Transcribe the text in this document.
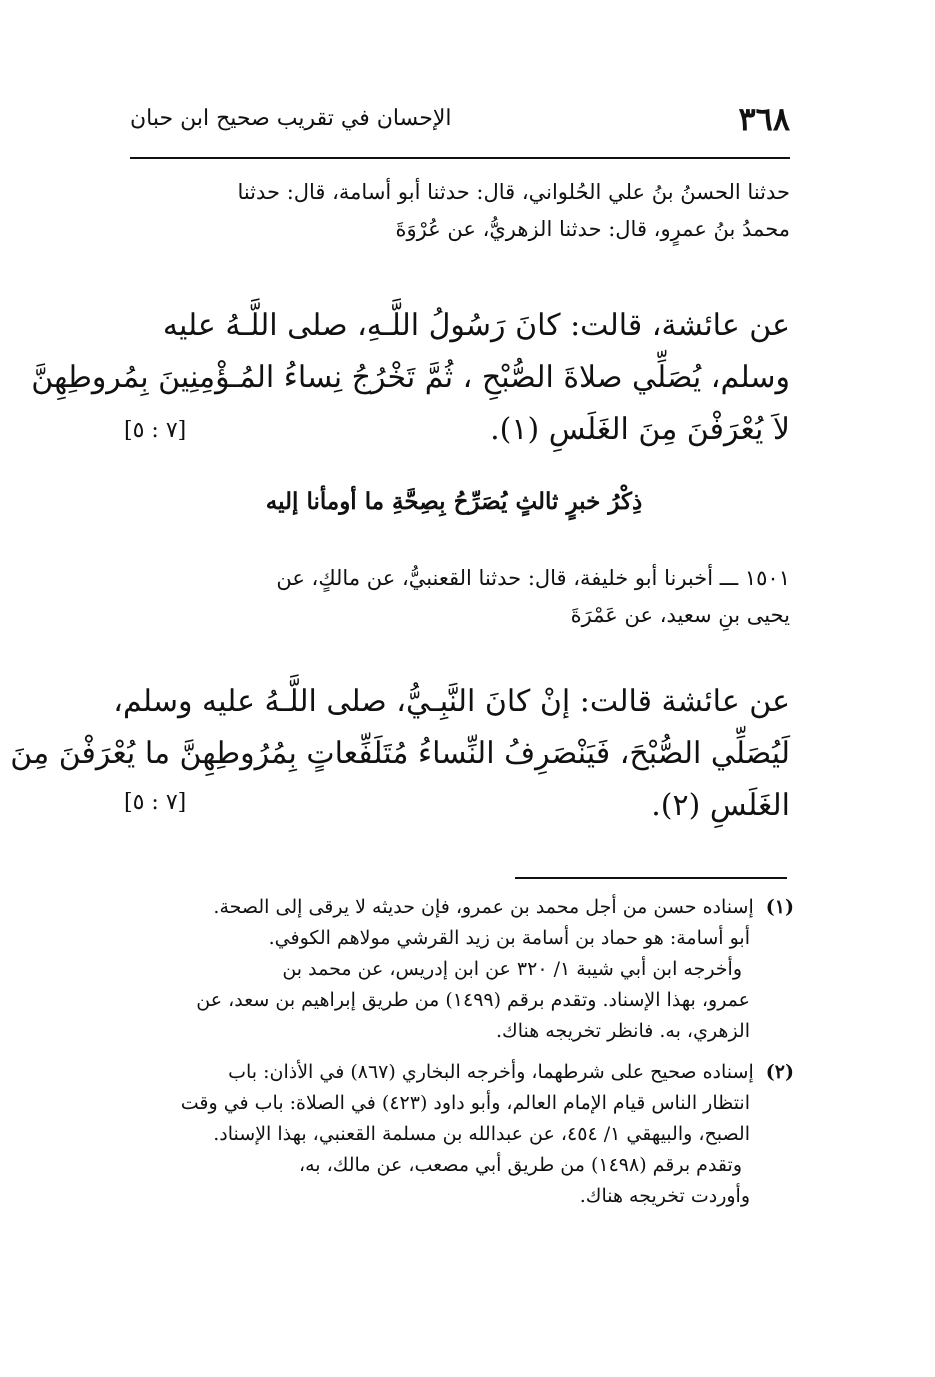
٣٦٨
الإحسان في تقريب صحيح ابن حبان
حدثنا الحسنُ بنُ علي الحُلواني، قال: حدثنا أبو أسامة، قال: حدثنا
محمدُ بنُ عمرٍو، قال: حدثنا الزهريُّ، عن عُرْوَةَ
عن عائشة، قالت: كانَ رَسُولُ اللَّـهِ، صلى اللَّـهُ عليه
وسلم، يُصَلِّي صلاةَ الصُّبْحِ ، ثُمَّ تَخْرُجُ نِساءُ المُـؤْمِنِينَ بِمُروطِهِنَّ
لاَ يُعْرَفْنَ مِنَ الغَلَسِ (١).
[٧ : ٥]
ذِكْرُ خبرٍ ثالثٍ يُصَرِّحُ بِصِحَّةِ ما أومأنا إليه
١٥٠١ ـــ أخبرنا أبو خليفة، قال: حدثنا القعنبيُّ، عن مالكٍ، عن
يحيى بنِ سعيد، عن عَمْرَةَ
عن عائشة قالت: إنْ كانَ النَّبِـيُّ، صلى اللَّـهُ عليه وسلم،
لَيُصَلِّي الصُّبْحَ، فَيَنْصَرِفُ النِّساءُ مُتَلَفِّعاتٍ بِمُرُوطِهِنَّ ما يُعْرَفْنَ مِنَ
الغَلَسِ (٢).
[٧ : ٥]

(١) إسناده حسن من أجل محمد بن عمرو، فإن حديثه لا يرقى إلى الصحة.

أبو أسامة: هو حماد بن أسامة بن زيد القرشي مولاهم الكوفي.

وأخرجه ابن أبي شيبة ١/ ٣٢٠ عن ابن إدريس، عن محمد بن

عمرو، بهذا الإسناد. وتقدم برقم (١٤٩٩) من طريق إبراهيم بن سعد، عن

الزهري، به. فانظر تخريجه هناك.

(٢) إسناده صحيح على شرطهما، وأخرجه البخاري (٨٦٧) في الأذان: باب

انتظار الناس قيام الإمام العالم، وأبو داود (٤٢٣) في الصلاة: باب في وقت

الصبح، والبيهقي ١/ ٤٥٤، عن عبدالله بن مسلمة القعنبي، بهذا الإسناد.

وتقدم برقم (١٤٩٨) من طريق أبي مصعب، عن مالك، به،

وأوردت تخريجه هناك.
